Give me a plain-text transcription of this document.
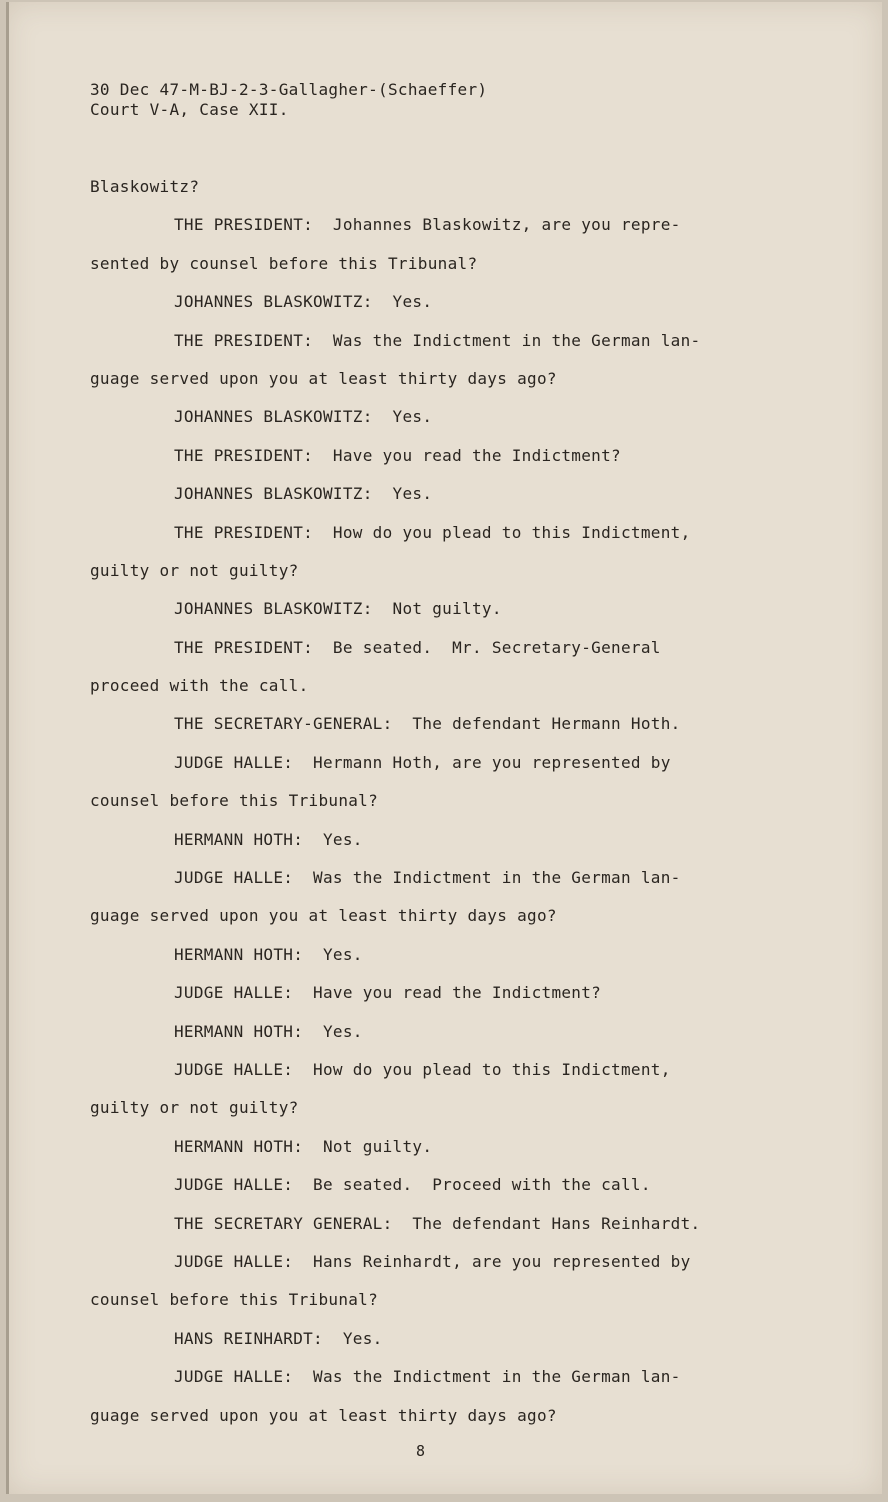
30 Dec 47-M-BJ-2-3-Gallagher-(Schaeffer)
Court V-A, Case XII.
Blaskowitz?
THE PRESIDENT:  Johannes Blaskowitz, are you repre-
sented by counsel before this Tribunal?
JOHANNES BLASKOWITZ:  Yes.
THE PRESIDENT:  Was the Indictment in the German lan-
guage served upon you at least thirty days ago?
JOHANNES BLASKOWITZ:  Yes.
THE PRESIDENT:  Have you read the Indictment?
JOHANNES BLASKOWITZ:  Yes.
THE PRESIDENT:  How do you plead to this Indictment,
guilty or not guilty?
JOHANNES BLASKOWITZ:  Not guilty.
THE PRESIDENT:  Be seated.  Mr. Secretary-General
proceed with the call.
THE SECRETARY-GENERAL:  The defendant Hermann Hoth.
JUDGE HALLE:  Hermann Hoth, are you represented by
counsel before this Tribunal?
HERMANN HOTH:  Yes.
JUDGE HALLE:  Was the Indictment in the German lan-
guage served upon you at least thirty days ago?
HERMANN HOTH:  Yes.
JUDGE HALLE:  Have you read the Indictment?
HERMANN HOTH:  Yes.
JUDGE HALLE:  How do you plead to this Indictment,
guilty or not guilty?
HERMANN HOTH:  Not guilty.
JUDGE HALLE:  Be seated.  Proceed with the call.
THE SECRETARY GENERAL:  The defendant Hans Reinhardt.
JUDGE HALLE:  Hans Reinhardt, are you represented by
counsel before this Tribunal?
HANS REINHARDT:  Yes.
JUDGE HALLE:  Was the Indictment in the German lan-
guage served upon you at least thirty days ago?
8
